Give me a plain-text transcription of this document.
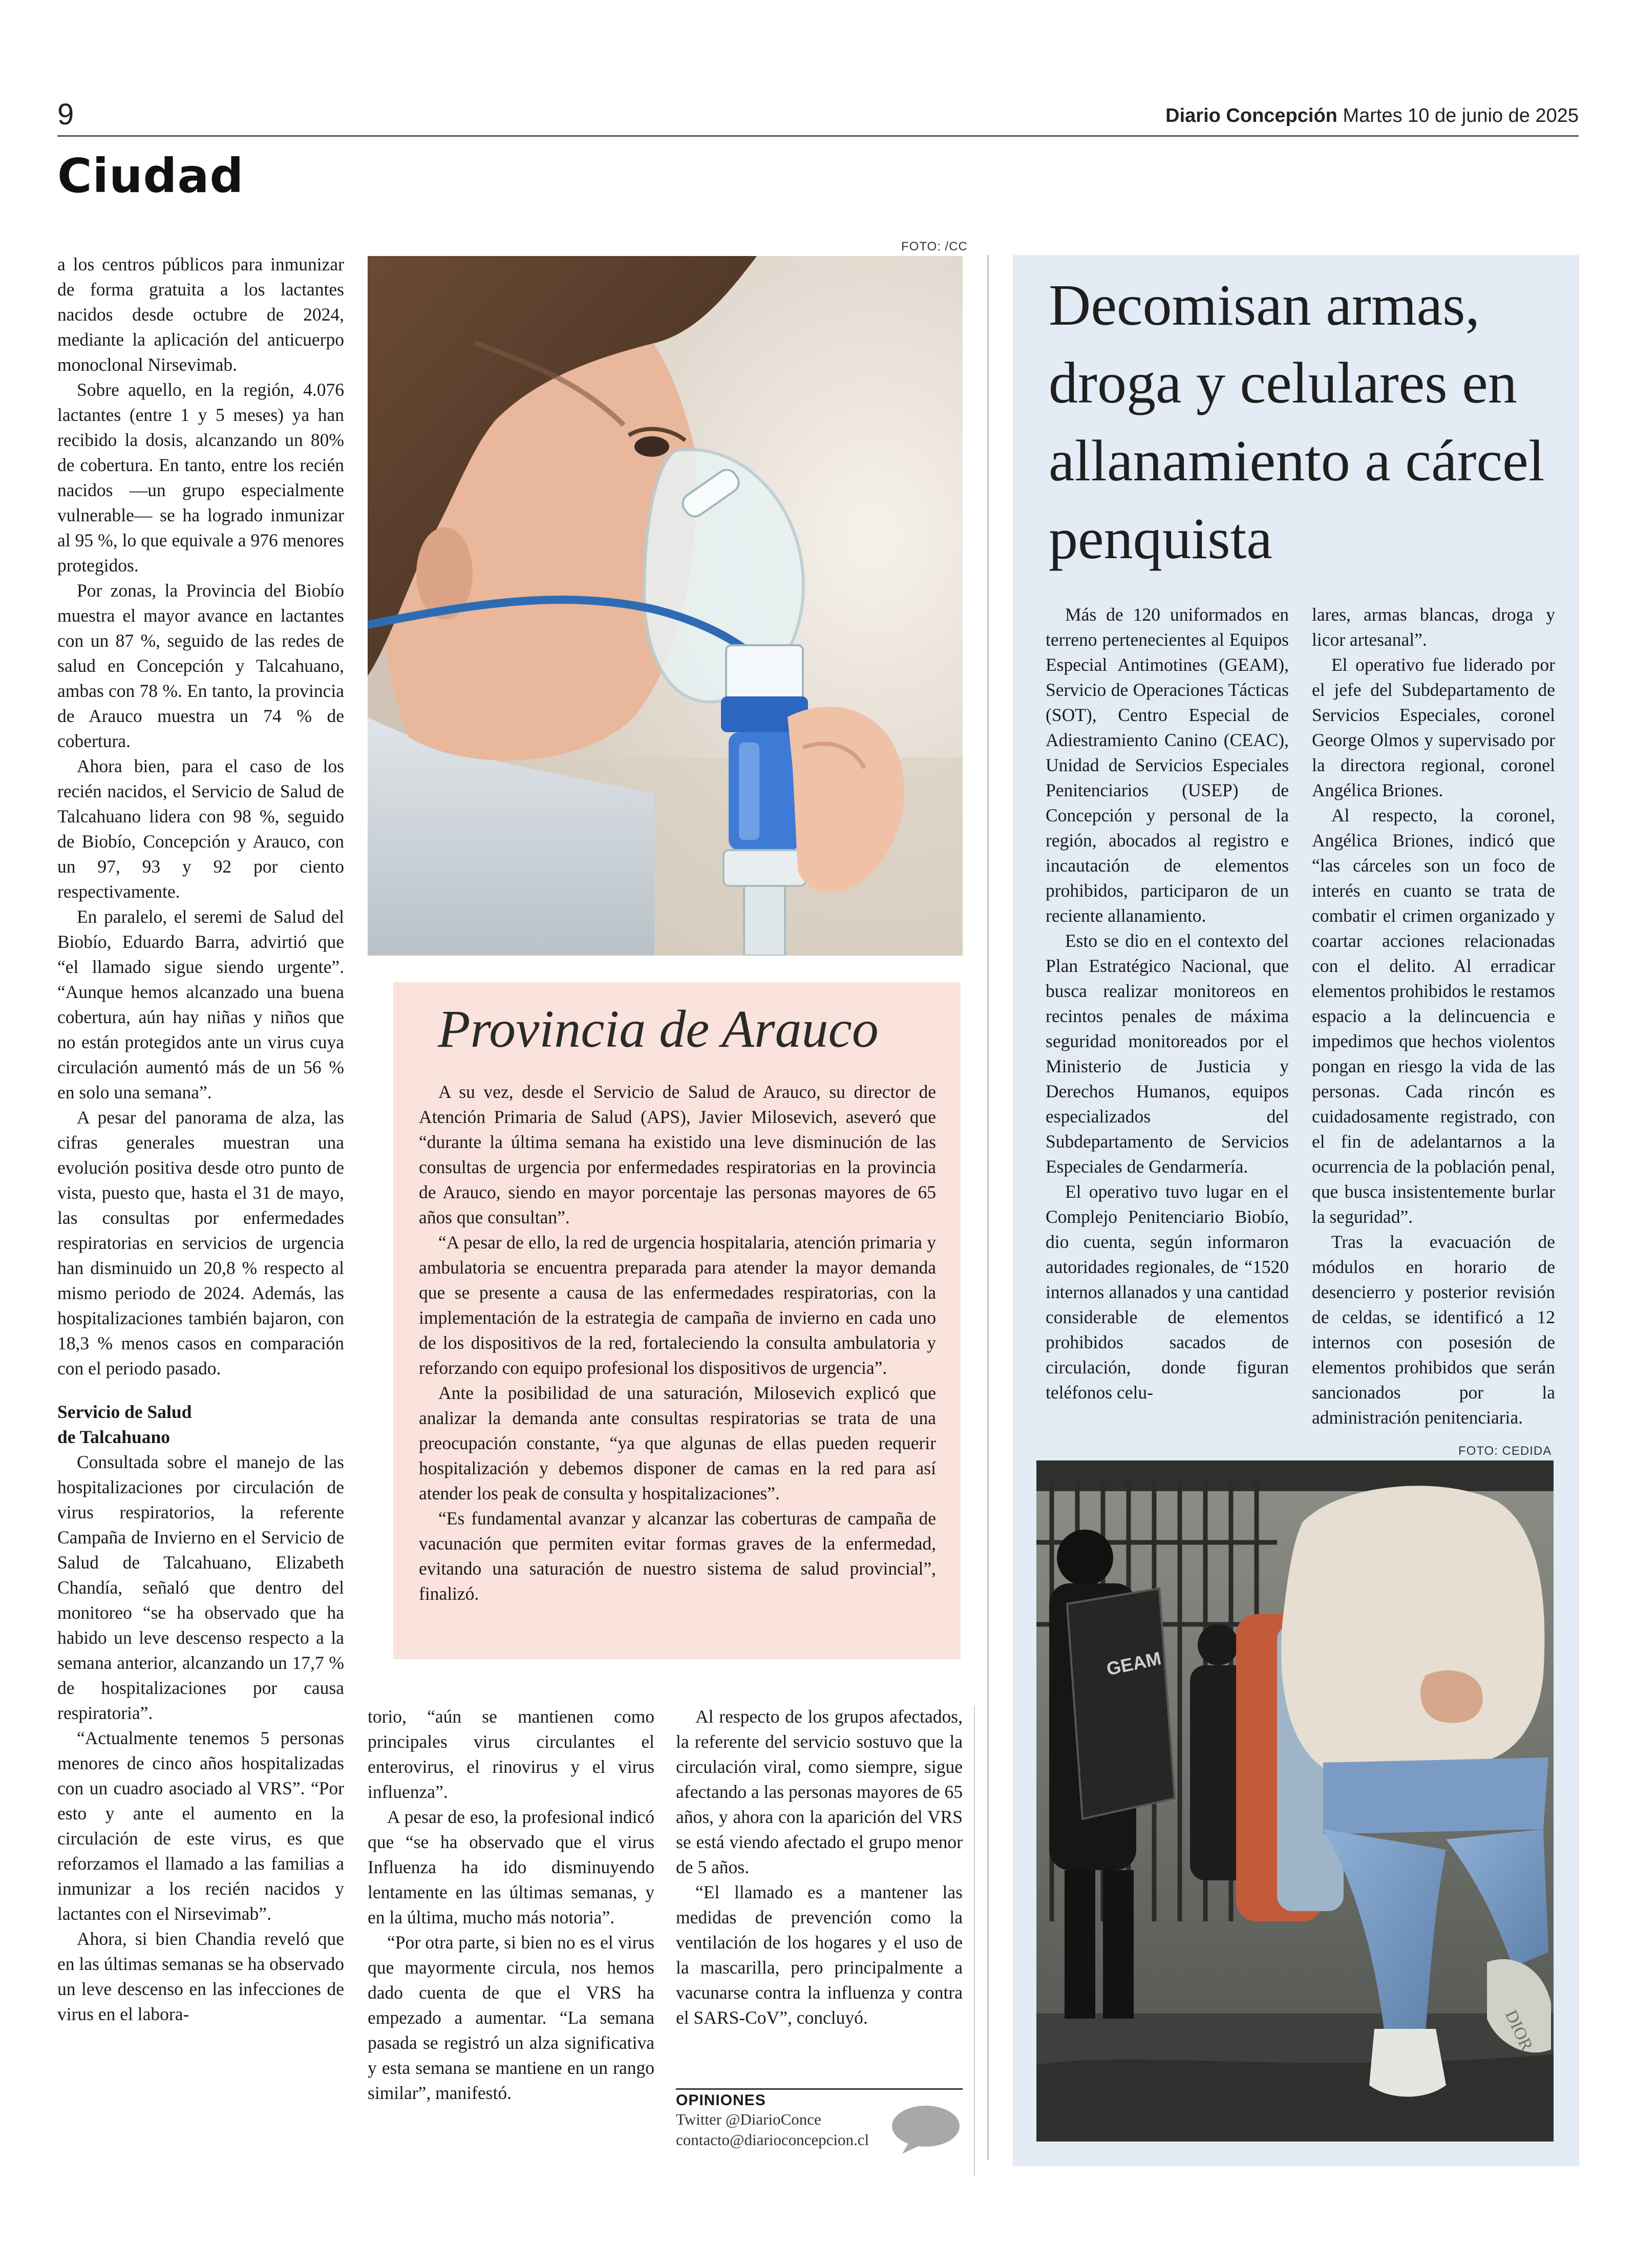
9	Diario Concepción Martes 10 de junio de 2025
Ciudad

a los centros públicos para inmunizar de forma gratuita a los lactantes nacidos desde octubre de 2024, mediante la aplicación del anticuerpo monoclonal Nirsevimab.

Sobre aquello, en la región, 4.076 lactantes (entre 1 y 5 meses) ya han recibido la dosis, alcanzando un 80% de cobertura. En tanto, entre los recién nacidos —un grupo especialmente vulnerable— se ha logrado inmunizar al 95 %, lo que equivale a 976 menores protegidos.

Por zonas, la Provincia del Biobío muestra el mayor avance en lactantes con un 87 %, seguido de las redes de salud en Concepción y Talcahuano, ambas con 78 %. En tanto, la provincia de Arauco muestra un 74 % de cobertura.

Ahora bien, para el caso de los recién nacidos, el Servicio de Salud de Talcahuano lidera con 98 %, seguido de Biobío, Concepción y Arauco, con un 97, 93 y 92 por ciento respectivamente.

En paralelo, el seremi de Salud del Biobío, Eduardo Barra, advirtió que “el llamado sigue siendo urgente”. “Aunque hemos alcanzado una buena cobertura, aún hay niñas y niños que no están protegidos ante un virus cuya circulación aumentó más de un 56 % en solo una semana”.

A pesar del panorama de alza, las cifras generales muestran una evolución positiva desde otro punto de vista, puesto que, hasta el 31 de mayo, las consultas por enfermedades respiratorias en servicios de urgencia han disminuido un 20,8 % respecto al mismo periodo de 2024. Además, las hospitalizaciones también bajaron, con 18,3 % menos casos en comparación con el periodo pasado.

Servicio de Salud
de Talcahuano

Consultada sobre el manejo de las hospitalizaciones por circulación de virus respiratorios, la referente Campaña de Invierno en el Servicio de Salud de Talcahuano, Elizabeth Chandía, señaló que dentro del monitoreo “se ha observado que ha habido un leve descenso respecto a la semana anterior, alcanzando un 17,7 % de hospitalizaciones por causa respiratoria”.

“Actualmente tenemos 5 personas menores de cinco años hospitalizadas con un cuadro asociado al VRS”. “Por esto y ante el aumento en la circulación de este virus, es que reforzamos el llamado a las familias a inmunizar a los recién nacidos y lactantes con el Nirsevimab”.

Ahora, si bien Chandia reveló que en las últimas semanas se ha observado un leve descenso en las infecciones de virus en el labora-

FOTO: /CC
Provincia de Arauco

A su vez, desde el Servicio de Salud de Arauco, su director de Atención Primaria de Salud (APS), Javier Milosevich, aseveró que “durante la última semana ha existido una leve disminución de las consultas de urgencia por enfermedades respiratorias en la provincia de Arauco, siendo en mayor porcentaje las personas mayores de 65 años que consultan”.

“A pesar de ello, la red de urgencia hospitalaria, atención primaria y ambulatoria se encuentra preparada para atender la mayor demanda que se presente a causa de las enfermedades respiratorias, con la implementación de la estrategia de campaña de invierno en cada uno de los dispositivos de la red, fortaleciendo la consulta ambulatoria y reforzando con equipo profesional los dispositivos de urgencia”.

Ante la posibilidad de una saturación, Milosevich explicó que analizar la demanda ante consultas respiratorias se trata de una preocupación constante, “ya que algunas de ellas pueden requerir hospitalización y debemos disponer de camas en la red para así atender los peak de consulta y hospitalizaciones”.

“Es fundamental avanzar y alcanzar las coberturas de campaña de vacunación que permiten evitar formas graves de la enfermedad, evitando una saturación de nuestro sistema de salud provincial”, finalizó.

torio, “aún se mantienen como principales virus circulantes el enterovirus, el rinovirus y el virus influenza”.

A pesar de eso, la profesional indicó que “se ha observado que el virus Influenza ha ido disminuyendo lentamente en las últimas semanas, y en la última, mucho más notoria”.

“Por otra parte, si bien no es el virus que mayormente circula, nos hemos dado cuenta de que el VRS ha empezado a aumentar. “La semana pasada se registró un alza significativa y esta semana se mantiene en un rango similar”, manifestó.

Al respecto de los grupos afectados, la referente del servicio sostuvo que la circulación viral, como siempre, sigue afectando a las personas mayores de 65 años, y ahora con la aparición del VRS se está viendo afectado el grupo menor de 5 años.

“El llamado es a mantener las medidas de prevención como la ventilación de los hogares y el uso de la mascarilla, pero principalmente a vacunarse contra la influenza y contra el SARS-CoV”, concluyó.

OPINIONES
Twitter @DiarioConce
contacto@diarioconcepcion.cl
Decomisan armas, droga y celulares en allanamiento a cárcel penquista

Más de 120 uniformados en terreno pertenecientes al Equipos Especial Antimotines (GEAM), Servicio de Operaciones Tácticas (SOT), Centro Especial de Adiestramiento Canino (CEAC), Unidad de Servicios Especiales Penitenciarios (USEP) de Concepción y personal de la región, abocados al registro e incautación de elementos prohibidos, participaron de un reciente allanamiento.

Esto se dio en el contexto del Plan Estratégico Nacional, que busca realizar monitoreos en recintos penales de máxima seguridad monitoreados por el Ministerio de Justicia y Derechos Humanos, equipos especializados del Subdepartamento de Servicios Especiales de Gendarmería.

El operativo tuvo lugar en el Complejo Penitenciario Biobío, dio cuenta, según informaron autoridades regionales, de “1520 internos allanados y una cantidad considerable de elementos prohibidos sacados de circulación, donde figuran teléfonos celu-

lares, armas blancas, droga y licor artesanal”.

El operativo fue liderado por el jefe del Subdepartamento de Servicios Especiales, coronel George Olmos y supervisado por la directora regional, coronel Angélica Briones.

Al respecto, la coronel, Angélica Briones, indicó que “las cárceles son un foco de interés en cuanto se trata de combatir el crimen organizado y coartar acciones relacionadas con el delito. Al erradicar elementos prohibidos le restamos espacio a la delincuencia e impedimos que hechos violentos pongan en riesgo la vida de las personas. Cada rincón es cuidadosamente registrado, con el fin de adelantarnos a la ocurrencia de la población penal, que busca insistentemente burlar la seguridad”.

Tras la evacuación de módulos en horario de desencierro y posterior revisión de celdas, se identificó a 12 internos con posesión de elementos prohibidos que serán sancionados por la administración penitenciaria.

FOTO: CEDIDA
GEAM
DIOR
